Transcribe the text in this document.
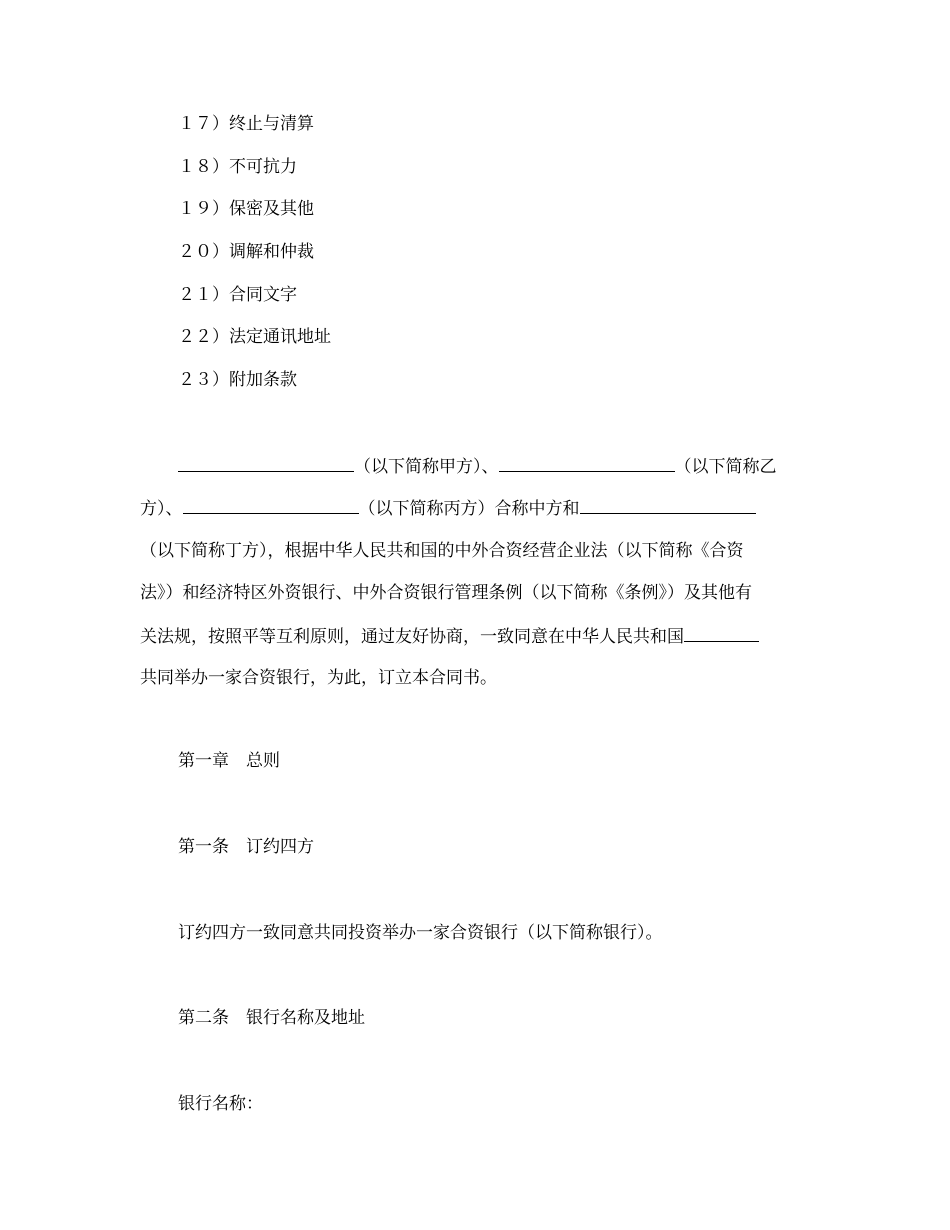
１７）终止与清算
１８）不可抗力
１９）保密及其他
２０）调解和仲裁
２１）合同文字
２２）法定通讯地址
２３）附加条款
（以下简称甲方）、	（以下简称乙
方）、	（以下简称丙方）合称中方和
（以下简称丁方），根据中华人民共和国的中外合资经营企业法（以下简称《合资
法》）和经济特区外资银行、中外合资银行管理条例（以下简称《条例》）及其他有
关法规，按照平等互利原则，通过友好协商，一致同意在中华人民共和国
共同举办一家合资银行，为此，订立本合同书。
第一章　总则
第一条　订约四方
订约四方一致同意共同投资举办一家合资银行（以下简称银行）。
第二条　银行名称及地址
银行名称：
